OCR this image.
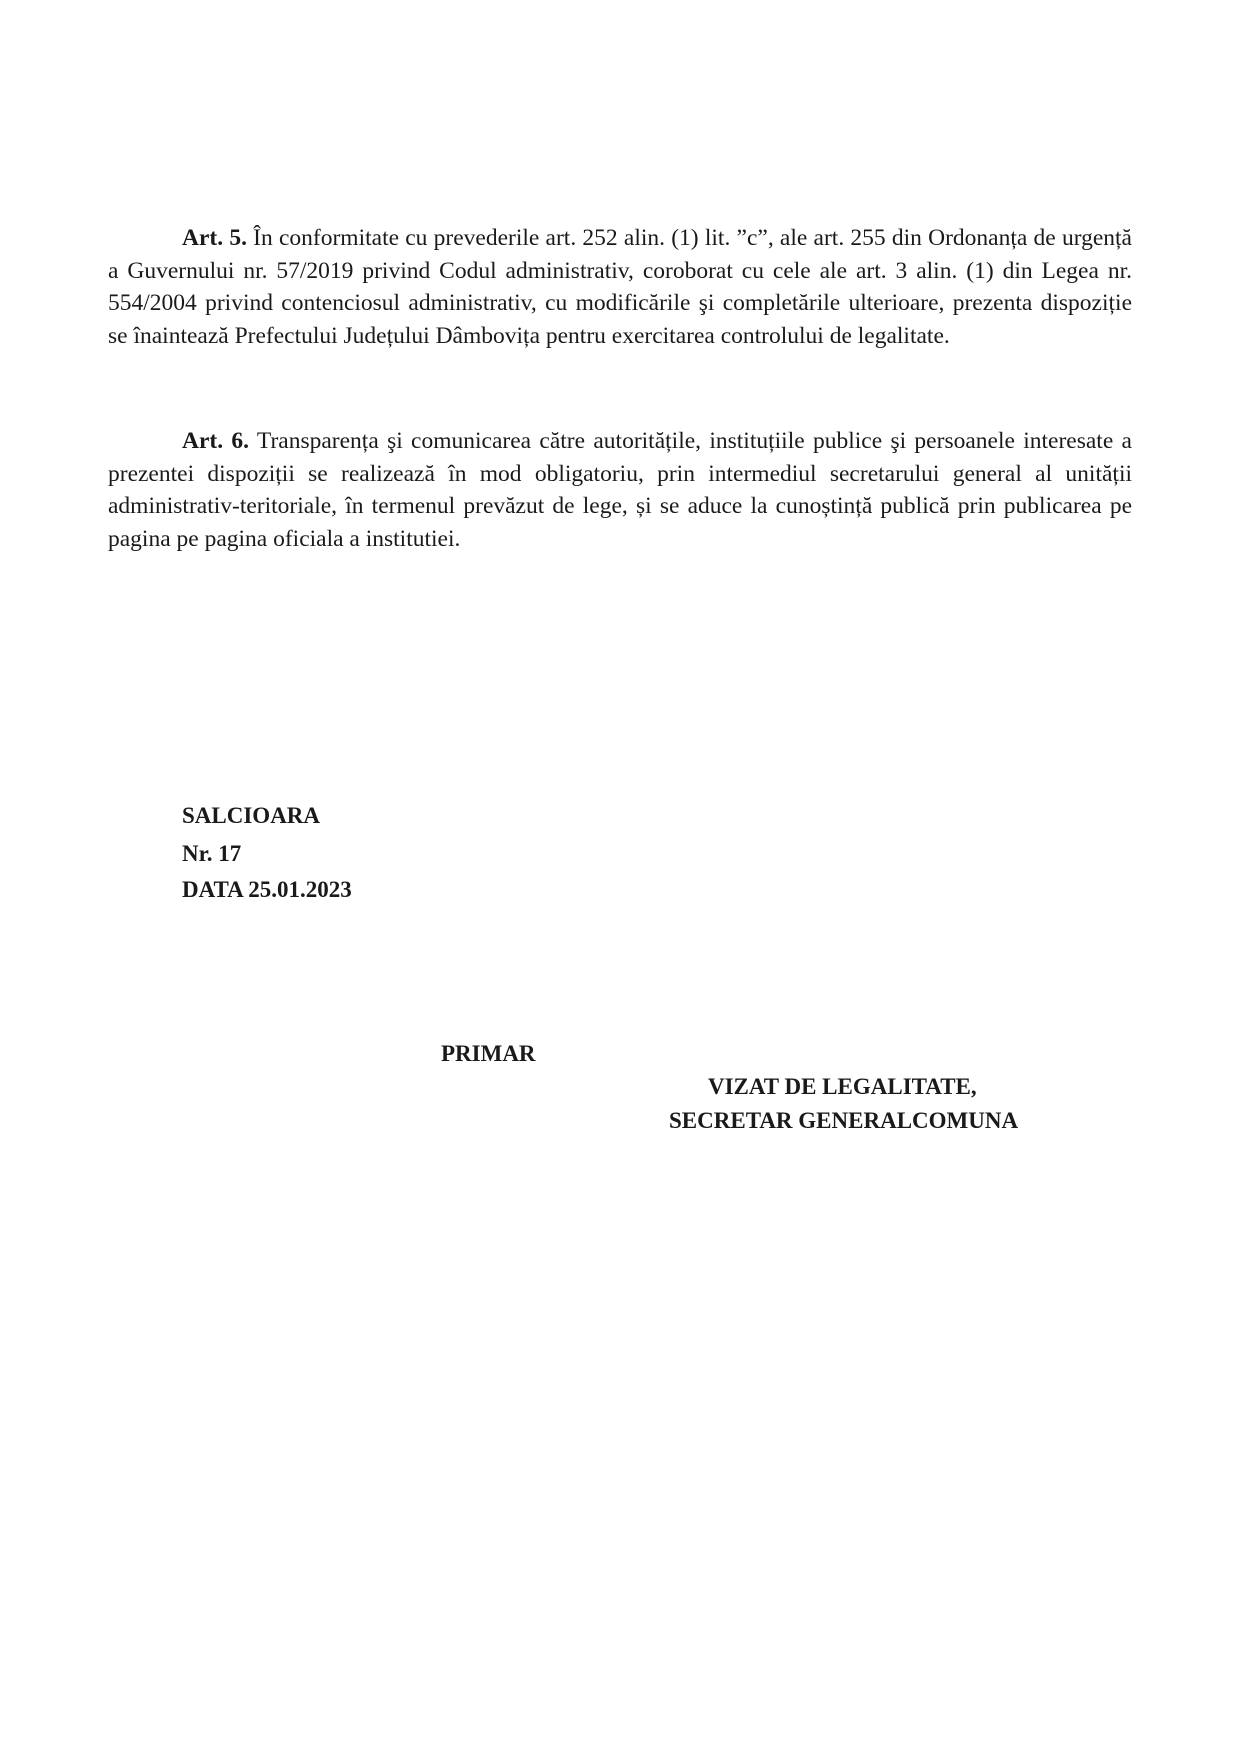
Art. 5. În conformitate cu prevederile art. 252 alin. (1) lit. ”c”, ale art. 255 din Ordonanța de urgență a Guvernului nr. 57/2019 privind Codul administrativ, coroborat cu cele ale art. 3 alin. (1) din Legea nr. 554/2004 privind contenciosul administrativ, cu modificările şi completările ulterioare, prezenta dispoziție se înaintează Prefectului Județului Dâmbovița pentru exercitarea controlului de legalitate.

Art. 6. Transparența şi comunicarea către autoritățile, instituțiile publice şi persoanele interesate a prezentei dispoziții se realizează în mod obligatoriu, prin intermediul secretarului general al unității administrativ-teritoriale, în termenul prevăzut de lege, și se aduce la cunoștință publică prin publicarea pe pagina pe pagina oficiala a institutiei.

SALCIOARA

Nr. 17

DATA 25.01.2023

PRIMAR

VIZAT DE LEGALITATE,

SECRETAR GENERALCOMUNA
